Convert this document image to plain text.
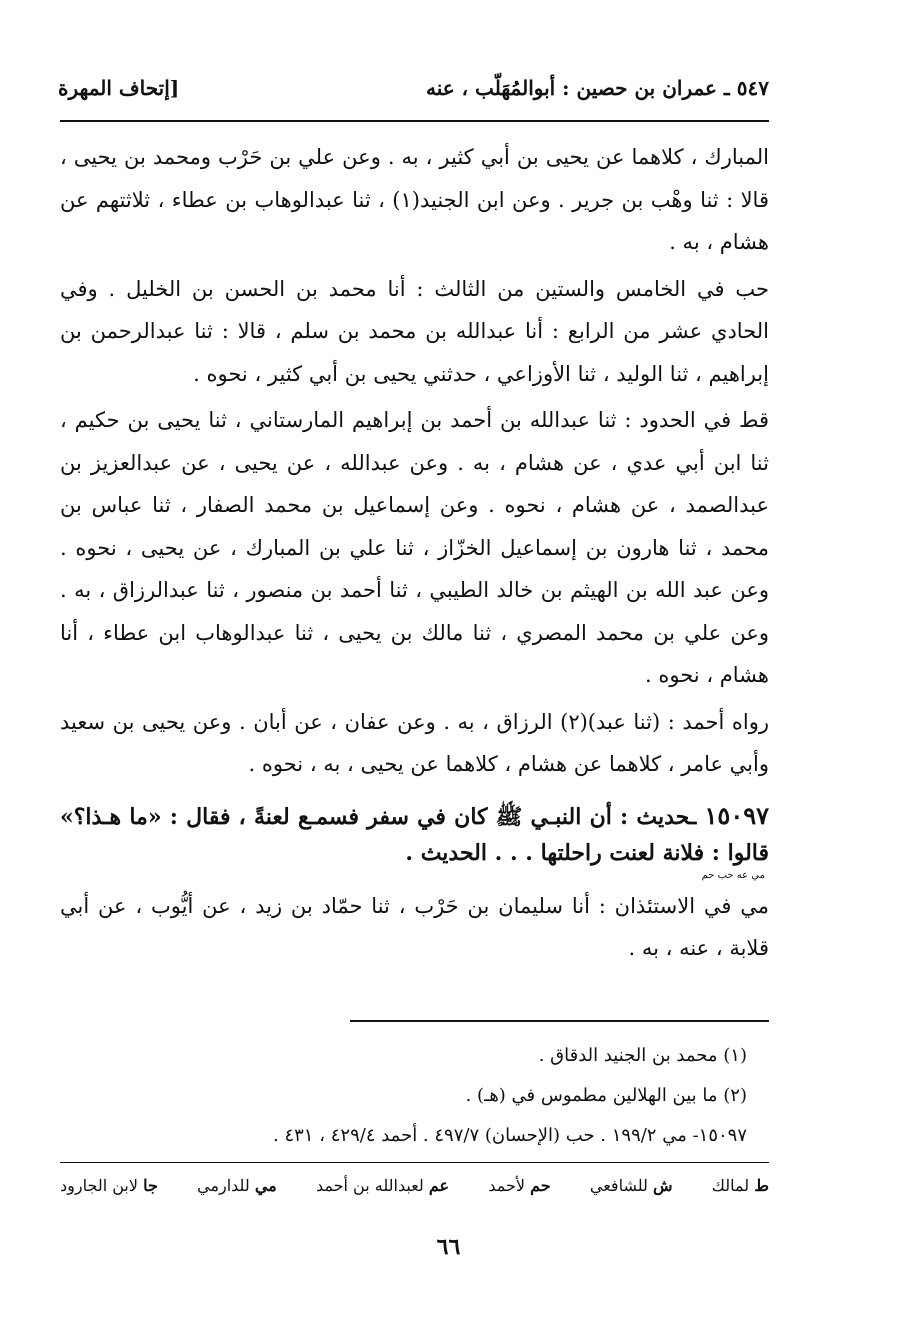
٥٤٧ ـ عمران بن حصين : أبوالمُهَلّب ، عنه
[إتحاف المهرة

المبارك ، كلاهما عن يحيى بن أبي كثير ، به . وعن علي بن حَرْب ومحمد بن يحيى ، قالا : ثنا وهْب بن جرير . وعن ابن الجنيد(١) ، ثنا عبدالوهاب بن عطاء ، ثلاثتهم عن هشام ، به .

حب في الخامس والستين من الثالث : أنا محمد بن الحسن بن الخليل . وفي الحادي عشر من الرابع : أنا عبدالله بن محمد بن سلم ، قالا : ثنا عبدالرحمن بن إبراهيم ، ثنا الوليد ، ثنا الأوزاعي ، حدثني يحيى بن أبي كثير ، نحوه .

قط في الحدود : ثنا عبدالله بن أحمد بن إبراهيم المارستاني ، ثنا يحيى بن حكيم ، ثنا ابن أبي عدي ، عن هشام ، به . وعن عبدالله ، عن يحيى ، عن عبدالعزيز بن عبدالصمد ، عن هشام ، نحوه . وعن إسماعيل بن محمد الصفار ، ثنا عباس بن محمد ، ثنا هارون بن إسماعيل الخزّاز ، ثنا علي بن المبارك ، عن يحيى ، نحوه . وعن عبد الله بن الهيثم بن خالد الطيبي ، ثنا أحمد بن منصور ، ثنا عبدالرزاق ، به . وعن علي بن محمد المصري ، ثنا مالك بن يحيى ، ثنا عبدالوهاب ابن عطاء ، أنا هشام ، نحوه .

رواه أحمد : (ثنا عبد)(٢) الرزاق ، به . وعن عفان ، عن أبان . وعن يحيى بن سعيد وأبي عامر ، كلاهما عن هشام ، كلاهما عن يحيى ، به ، نحوه .

١٥٠٩٧ ـحديث : أن النبـي ﷺ كان في سفر فسمـع لعنةً ، فقال : «ما هـذا؟» قالوا : فلانة لعنت راحلتها . . . الحديث .
مي عه حب حم

مي في الاستئذان : أنا سليمان بن حَرْب ، ثنا حمّاد بن زيد ، عن أيُّوب ، عن أبي قلابة ، عنه ، به .

(١) محمد بن الجنيد الدقاق .
(٢) ما بين الهلالين مطموس في (هـ) .
١٥٠٩٧- مي ١٩٩/٢ . حب (الإحسان) ٤٩٧/٧ . أحمد ٤٢٩/٤ ، ٤٣١ .
ط لمالك
ش للشافعي
حم لأحمد
عم لعبدالله بن أحمد
مي للدارمي
جا لابن الجارود
٦٦
